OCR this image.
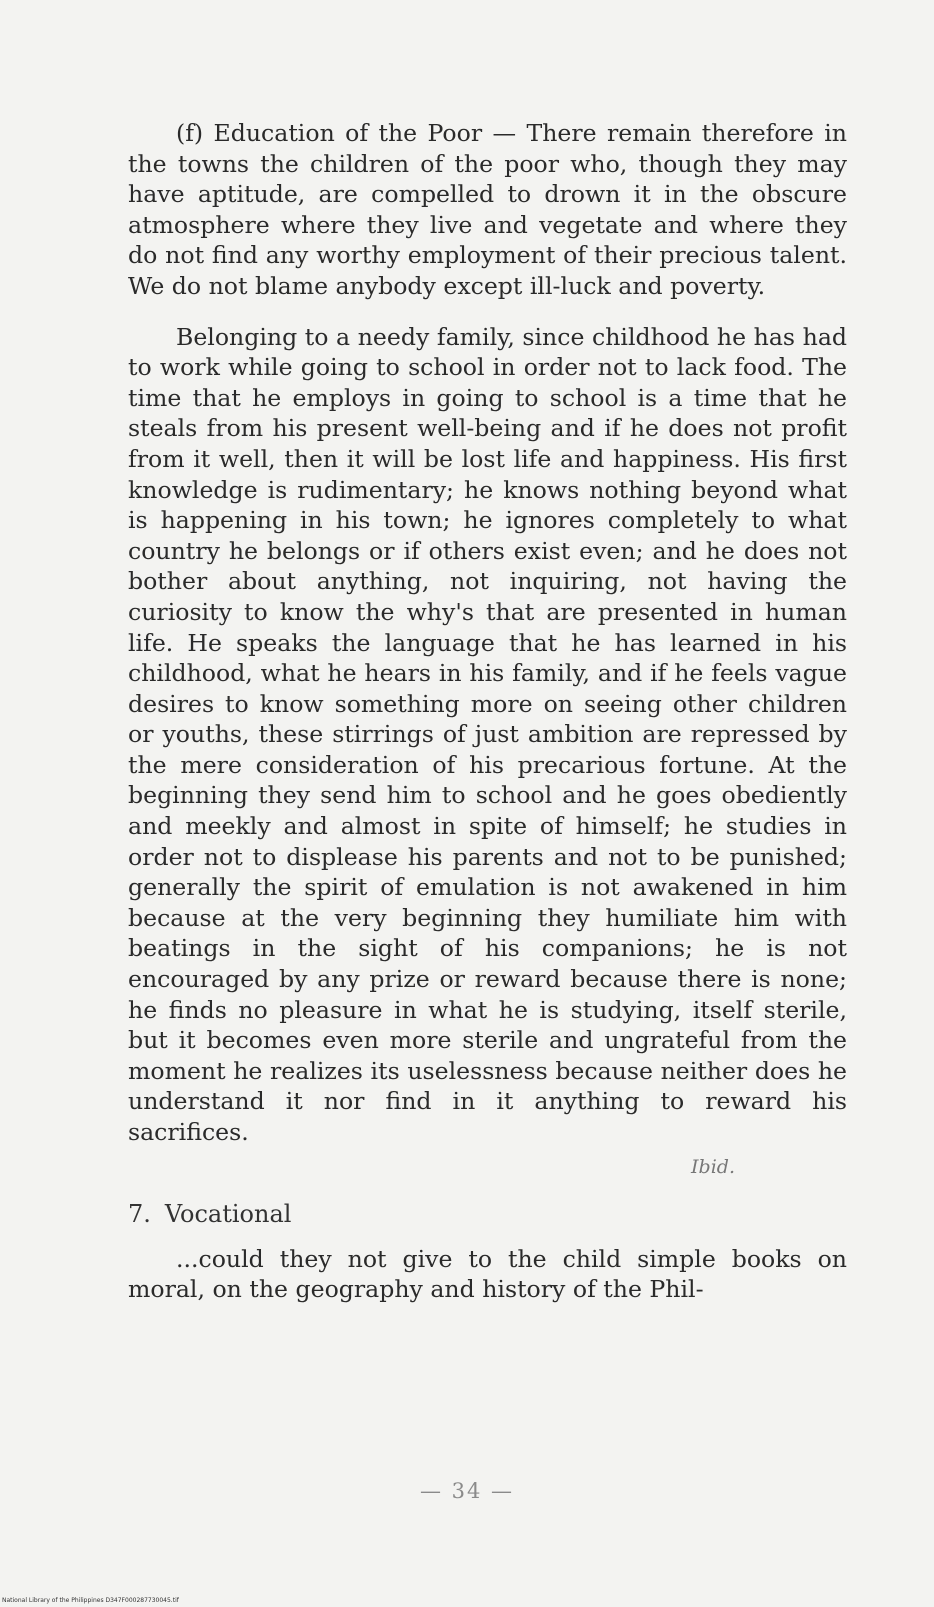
(f) Education of the Poor — There remain therefore in the towns the children of the poor who, though they may have aptitude, are compelled to drown it in the obscure atmosphere where they live and vegetate and where they do not find any worthy employment of their precious talent. We do not blame anybody except ill-luck and poverty.

Belonging to a needy family, since childhood he has had to work while going to school in order not to lack food. The time that he employs in going to school is a time that he steals from his present well-being and if he does not profit from it well, then it will be lost life and happiness. His first knowledge is rudimentary; he knows nothing beyond what is happening in his town; he ignores completely to what country he belongs or if others exist even; and he does not bother about anything, not inquiring, not having the curiosity to know the why's that are presented in human life. He speaks the language that he has learned in his childhood, what he hears in his family, and if he feels vague desires to know something more on seeing other children or youths, these stirrings of just ambition are repressed by the mere consideration of his precarious fortune. At the beginning they send him to school and he goes obediently and meekly and almost in spite of himself; he studies in order not to displease his parents and not to be punished; generally the spirit of emulation is not awakened in him because at the very beginning they humiliate him with beatings in the sight of his companions; he is not encouraged by any prize or reward because there is none; he finds no pleasure in what he is studying, itself sterile, but it becomes even more sterile and ungrateful from the moment he realizes its uselessness because neither does he understand it nor find in it anything to reward his sacrifices.

Ibid.
7. Vocational

...could they not give to the child simple books on moral, on the geography and history of the Phil-

— 34 —
National Library of the Philippines D347F000287730045.tif
